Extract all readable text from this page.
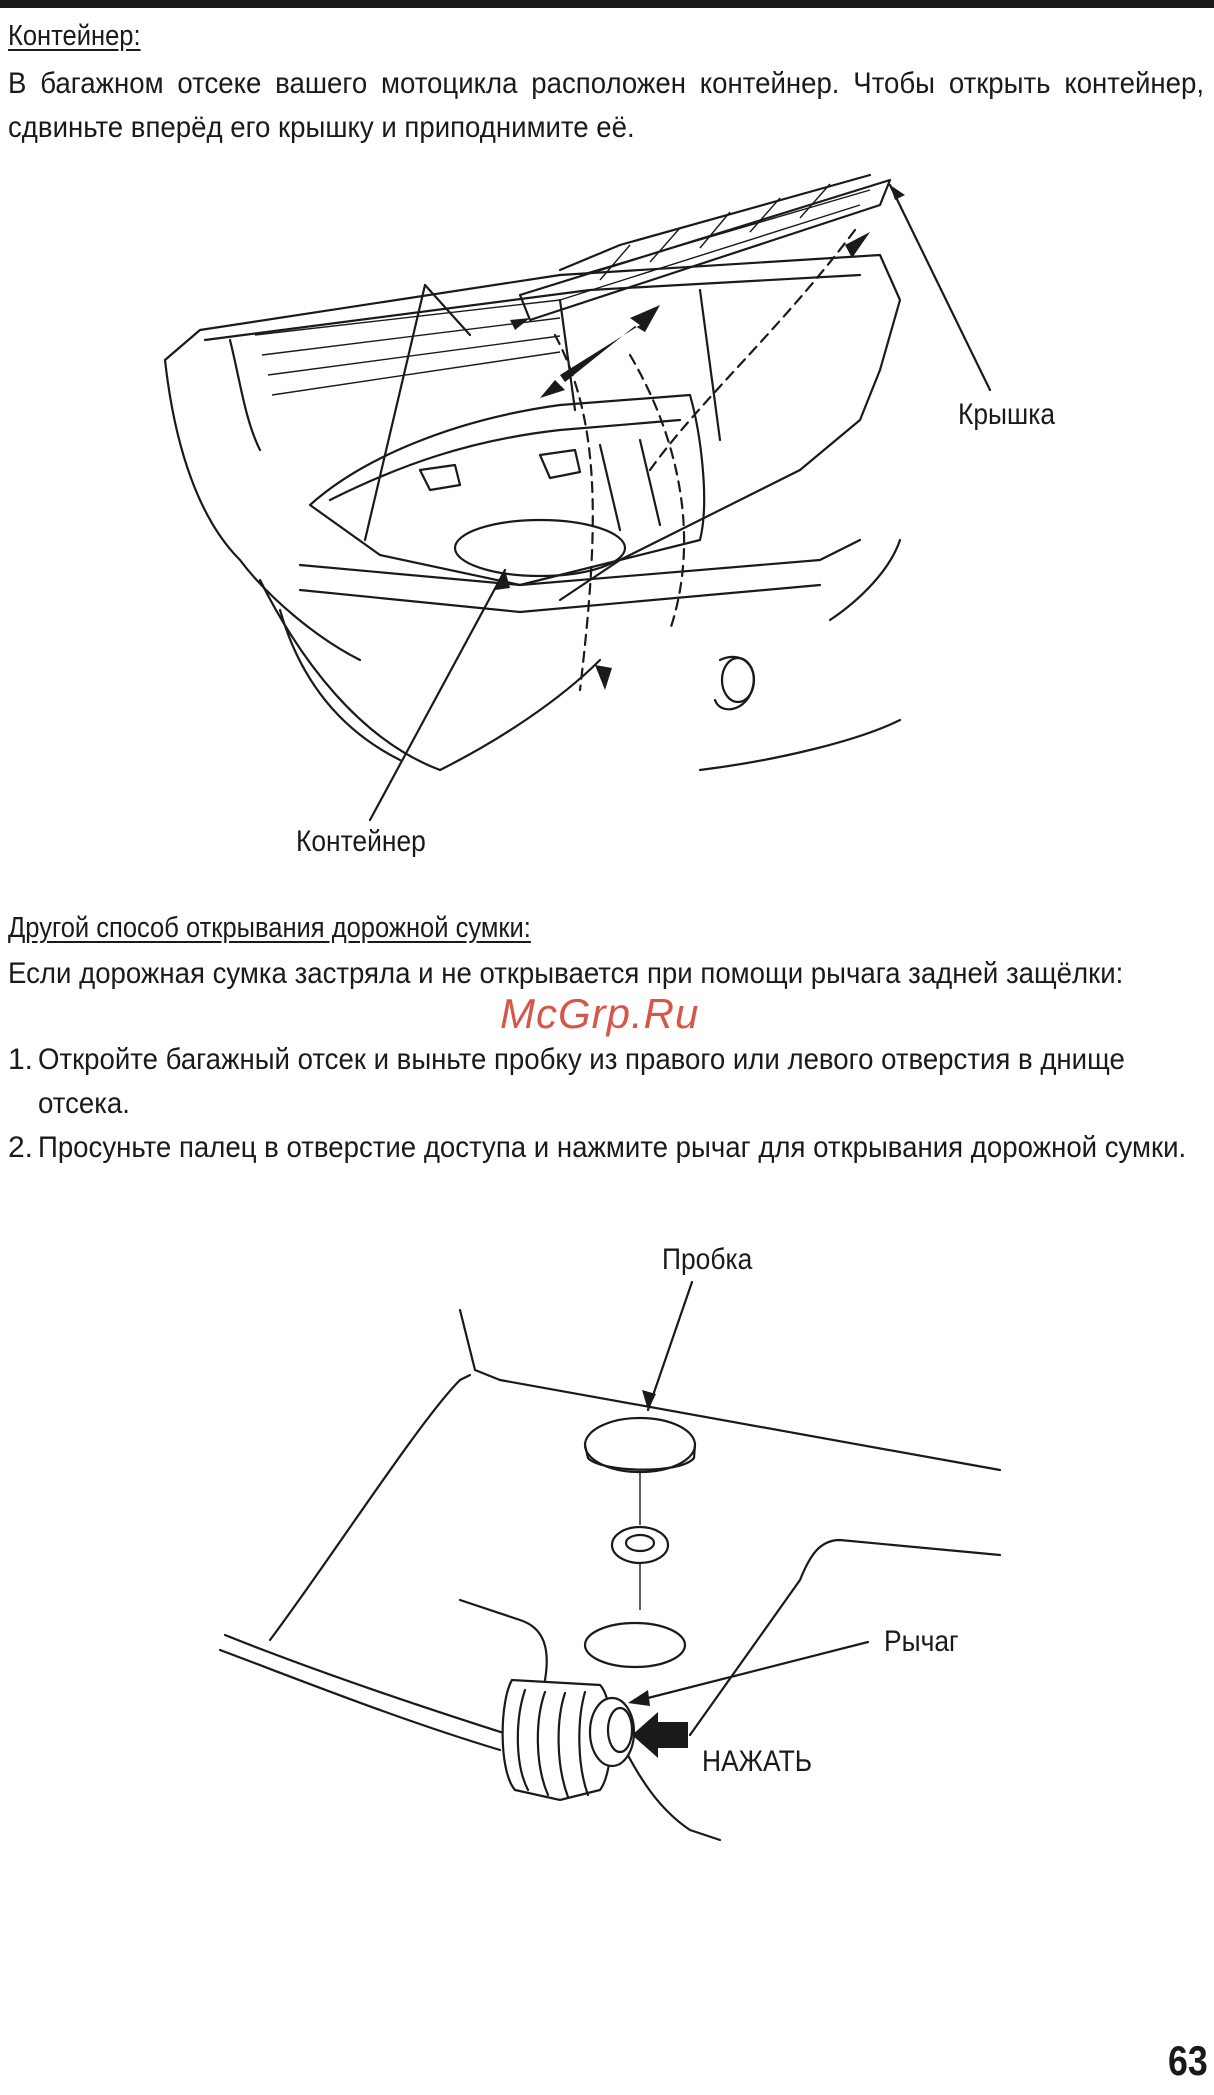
Контейнер:
В багажном отсеке вашего мотоцикла расположен контейнер. Чтобы открыть контейнер, сдвиньте вперёд его крышку и приподнимите её.
Крышка
Контейнер
Другой способ открывания дорожной сумки:
Если дорожная сумка застряла и не открывается при помощи рычага задней защёлки:
1. Откройте багажный отсек и выньте пробку из правого или левого отверстия в днище отсека.
2. Просуньте палец в отверстие доступа и нажмите рычаг для открывания дорожной сумки.
McGrp.Ru
Пробка
Рычаг
НАЖАТЬ
63
